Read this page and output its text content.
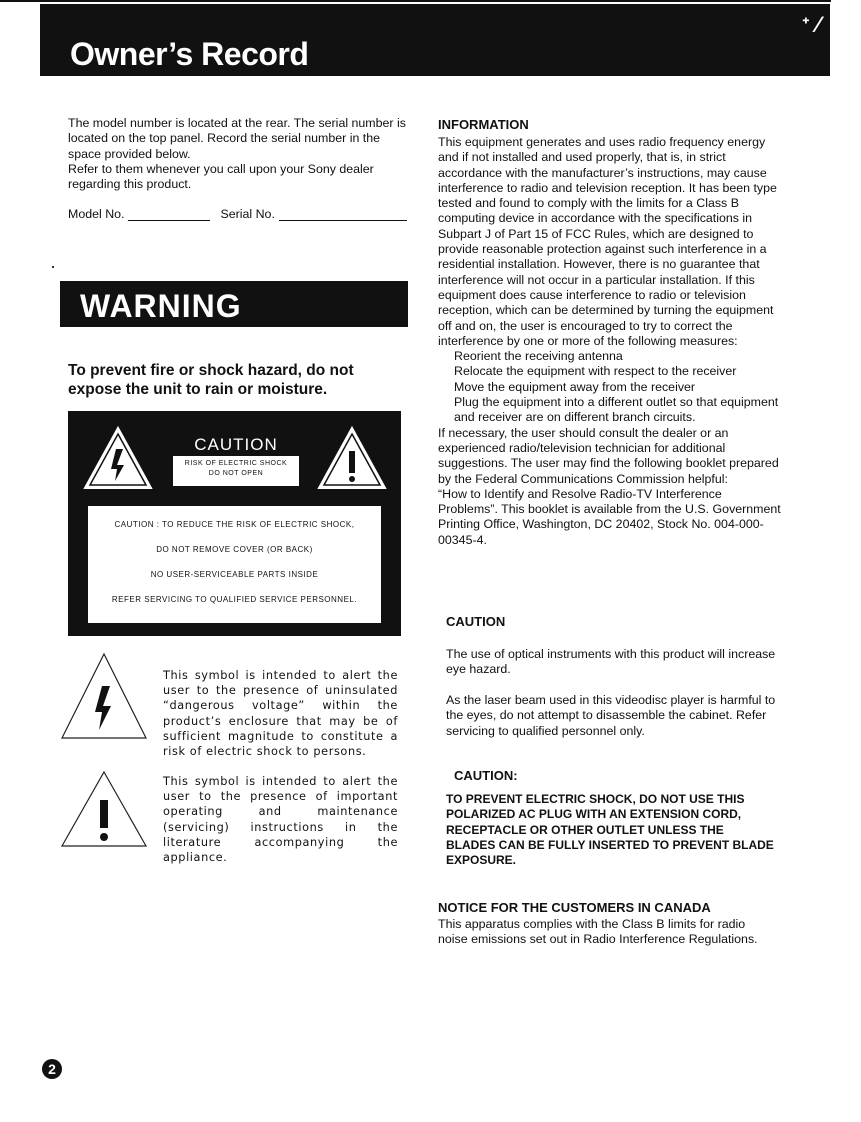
Owner’s Record
ᐩ ⁄

The model number is located at the rear. The serial number is located on the top panel. Record the serial number in the space provided below.

Refer to them whenever you call upon your Sony dealer regarding this product.

Model No.	Serial No.
WARNING
To prevent fire or shock hazard, do not expose the unit to rain or moisture.
CAUTION
RISK OF ELECTRIC SHOCK
DO NOT OPEN
CAUTION : TO REDUCE THE RISK OF ELECTRIC SHOCK,
DO NOT REMOVE COVER (OR BACK)
NO USER-SERVICEABLE PARTS INSIDE
REFER SERVICING TO QUALIFIED SERVICE PERSONNEL.
This symbol is intended to alert the user to the presence of uninsulated “dangerous voltage” within the product’s enclosure that may be of sufficient magnitude to constitute a risk of electric shock to persons.
This symbol is intended to alert the user to the presence of important operating and maintenance (servicing) instructions in the literature accompanying the appliance.
INFORMATION

This equipment generates and uses radio frequency energy and if not installed and used properly, that is, in strict accordance with the manufacturer’s instructions, may cause interference to radio and television reception. It has been type tested and found to comply with the limits for a Class B computing device in accordance with the specifications in Subpart J of Part 15 of FCC Rules, which are designed to provide reasonable protection against such interference in a residential installation. However, there is no guarantee that interference will not occur in a particular installation. If this equipment does cause interference to radio or television reception, which can be determined by turning the equipment off and on, the user is encouraged to try to correct the interference by one or more of the following measures:

Reorient the receiving antenna

Relocate the equipment with respect to the receiver

Move the equipment away from the receiver

Plug the equipment into a different outlet so that equipment and receiver are on different branch circuits.

If necessary, the user should consult the dealer or an experienced radio/television technician for additional suggestions. The user may find the following booklet prepared by the Federal Communications Commission helpful:

“How to Identify and Resolve Radio-TV Interference Problems”. This booklet is available from the U.S. Government Printing Office, Washington, DC 20402, Stock No. 004-000-00345-4.

CAUTION
The use of optical instruments with this product will increase eye hazard.
As the laser beam used in this videodisc player is harmful to the eyes, do not attempt to disassemble the cabinet. Refer servicing to qualified personnel only.
CAUTION:
TO PREVENT ELECTRIC SHOCK, DO NOT USE THIS POLARIZED AC PLUG WITH AN EXTENSION CORD, RECEPTACLE OR OTHER OUTLET UNLESS THE BLADES CAN BE FULLY INSERTED TO PREVENT BLADE EXPOSURE.
NOTICE FOR THE CUSTOMERS IN CANADA
This apparatus complies with the Class B limits for radio noise emissions set out in Radio Interference Regulations.
2
